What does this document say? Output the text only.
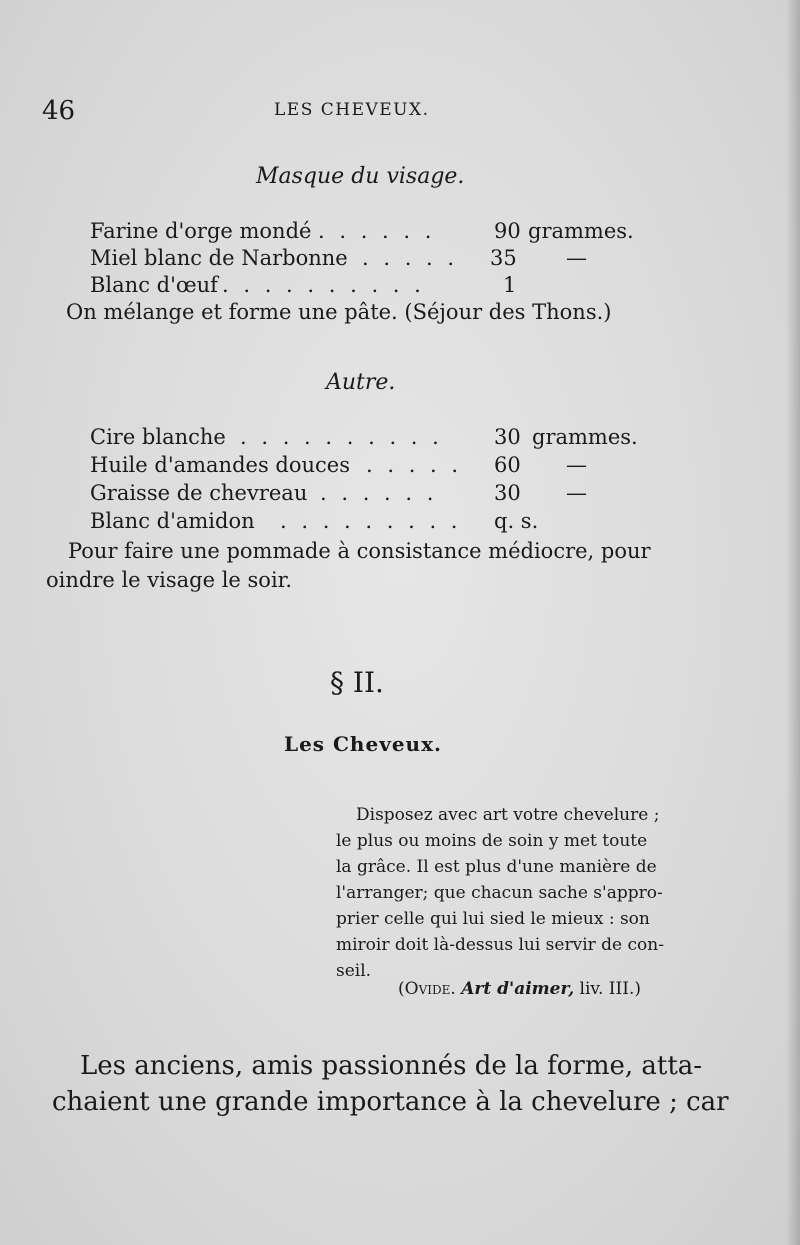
46	LES CHEVEUX.
Masque du visage.
Farine d'orge mondé . . . . . .	90 grammes.
Miel blanc de Narbonne . . . . . 35 —
Blanc d'œuf . . . . . . . . . .	1
On mélange et forme une pâte. (Séjour des Thons.)
Autre.
Cire blanche . . . . . . . . . . 30 grammes.
Huile d'amandes douces . . . . . 60 —
Graisse de chevreau . . . . . .	30 —
Blanc d'amidon . . . . . . . . . q. s.
Pour faire une pommade à consistance médiocre, pour
oindre le visage le soir.
§ II.
Les Cheveux.
Disposez avec art votre chevelure ;
le plus ou moins de soin y met toute
la grâce. Il est plus d'une manière de
l'arranger; que chacun sache s'appro-
prier celle qui lui sied le mieux : son
miroir doit là-dessus lui servir de con-
seil.
(Ovide. Art d'aimer, liv. III.)
Les anciens, amis passionnés de la forme, atta-
chaient une grande importance à la chevelure ; car
